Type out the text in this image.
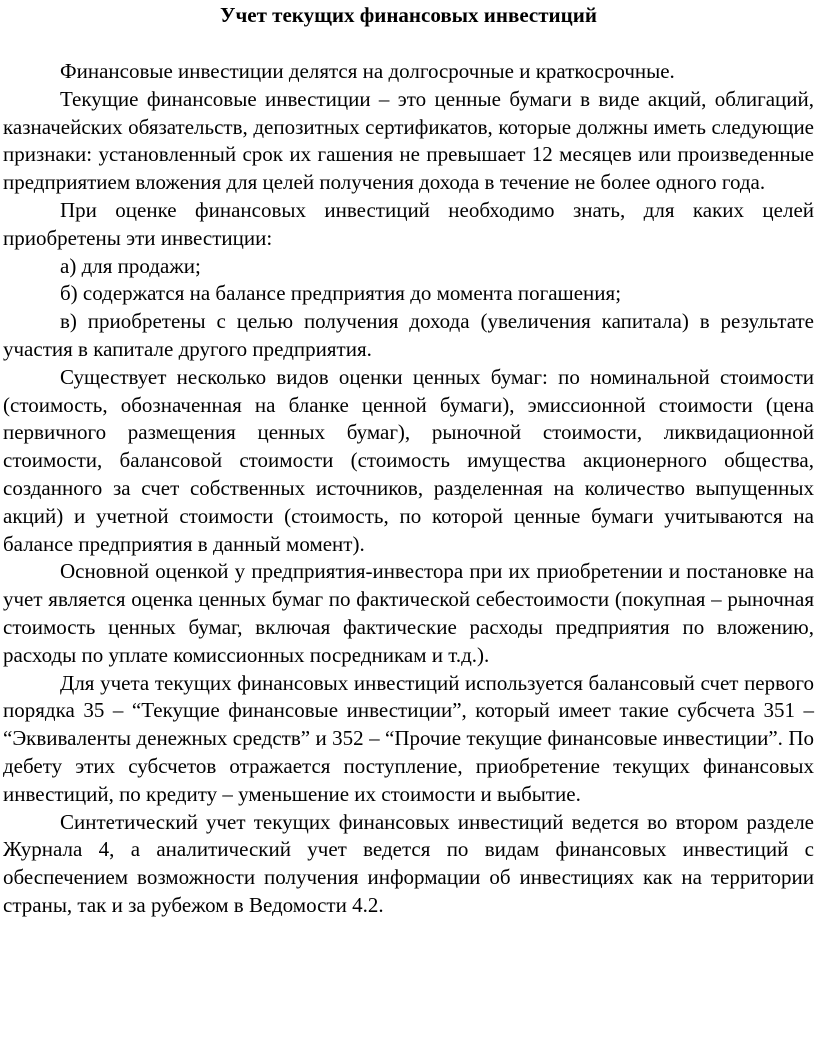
Учет текущих финансовых инвестиций

Финансовые инвестиции делятся на долгосрочные и краткосрочные.

Текущие финансовые инвестиции – это ценные бумаги в виде акций, облигаций, казначейских обязательств, депозитных сертификатов, которые должны иметь следующие признаки: установленный срок их гашения не превышает 12 месяцев или произведенные предприятием вложения для целей получения дохода в течение не более одного года.

При оценке финансовых инвестиций необходимо знать, для каких целей приобретены эти инвестиции:

а) для продажи;

б) содержатся на балансе предприятия до момента погашения;

в) приобретены с целью получения дохода (увеличения капитала) в результате участия в капитале другого предприятия.

Существует несколько видов оценки ценных бумаг: по номинальной стоимости (стоимость, обозначенная на бланке ценной бумаги), эмиссионной стоимости (цена первичного размещения ценных бумаг), рыночной стоимости, ликвидационной стоимости, балансовой стоимости (стоимость имущества акционерного общества, созданного за счет собственных источников, разделенная на количество выпущенных акций) и учетной стоимости (стоимость, по которой ценные бумаги учитываются на балансе предприятия в данный момент).

Основной оценкой у предприятия-инвестора при их приобретении и постановке на учет является оценка ценных бумаг по фактической себестоимости (покупная – рыночная стоимость ценных бумаг, включая фактические расходы предприятия по вложению, расходы по уплате комиссионных посредникам и т.д.).

Для учета текущих финансовых инвестиций используется балансовый счет первого порядка 35 – “Текущие финансовые инвестиции”, который имеет такие субсчета 351 – “Эквиваленты денежных средств” и 352 – “Прочие текущие финансовые инвестиции”. По дебету этих субсчетов отражается поступление, приобретение текущих финансовых инвестиций, по кредиту – уменьшение их стоимости и выбытие.

Синтетический учет текущих финансовых инвестиций ведется во втором разделе Журнала 4, а аналитический учет ведется по видам финансовых инвестиций с обеспечением возможности получения информации об инвестициях как на территории страны, так и за рубежом в Ведомости 4.2.
